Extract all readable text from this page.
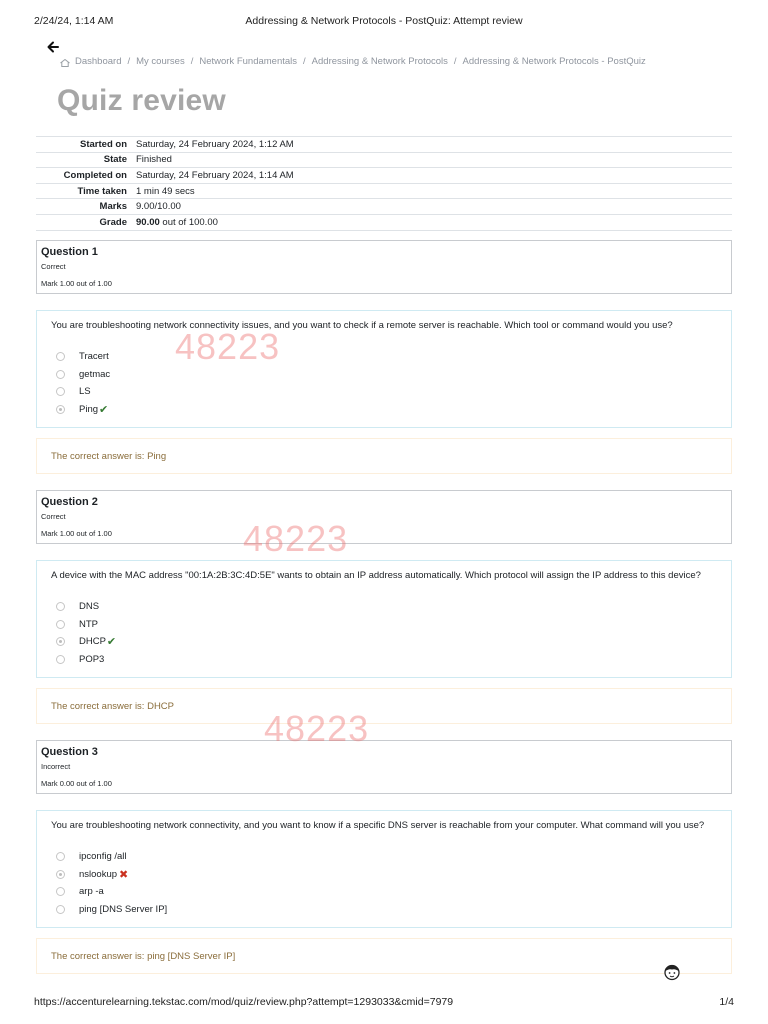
2/24/24, 1:14 AM	Addressing & Network Protocols - PostQuiz: Attempt review
Dashboard / My courses / Network Fundamentals / Addressing & Network Protocols / Addressing & Network Protocols - PostQuiz
Quiz review
Started on	Saturday, 24 February 2024, 1:12 AM
State	Finished
Completed on	Saturday, 24 February 2024, 1:14 AM
Time taken	1 min 49 secs
Marks	9.00/10.00
Grade	90.00 out of 100.00
Question 1
Correct
Mark 1.00 out of 1.00
You are troubleshooting network connectivity issues, and you want to check if a remote server is reachable. Which tool or command would you use?
Tracert
getmac
LS
Ping ✔
The correct answer is: Ping
Question 2
Correct
Mark 1.00 out of 1.00
A device with the MAC address "00:1A:2B:3C:4D:5E" wants to obtain an IP address automatically. Which protocol will assign the IP address to this device?
DNS
NTP
DHCP ✔
POP3
The correct answer is: DHCP
Question 3
Incorrect
Mark 0.00 out of 1.00
You are troubleshooting network connectivity, and you want to know if a specific DNS server is reachable from your computer. What command will you use?
ipconfig /all
nslookup ✖
arp -a
ping [DNS Server IP]
The correct answer is: ping [DNS Server IP]
48223
48223
48223
https://accenturelearning.tekstac.com/mod/quiz/review.php?attempt=1293033&cmid=7979	1/4
